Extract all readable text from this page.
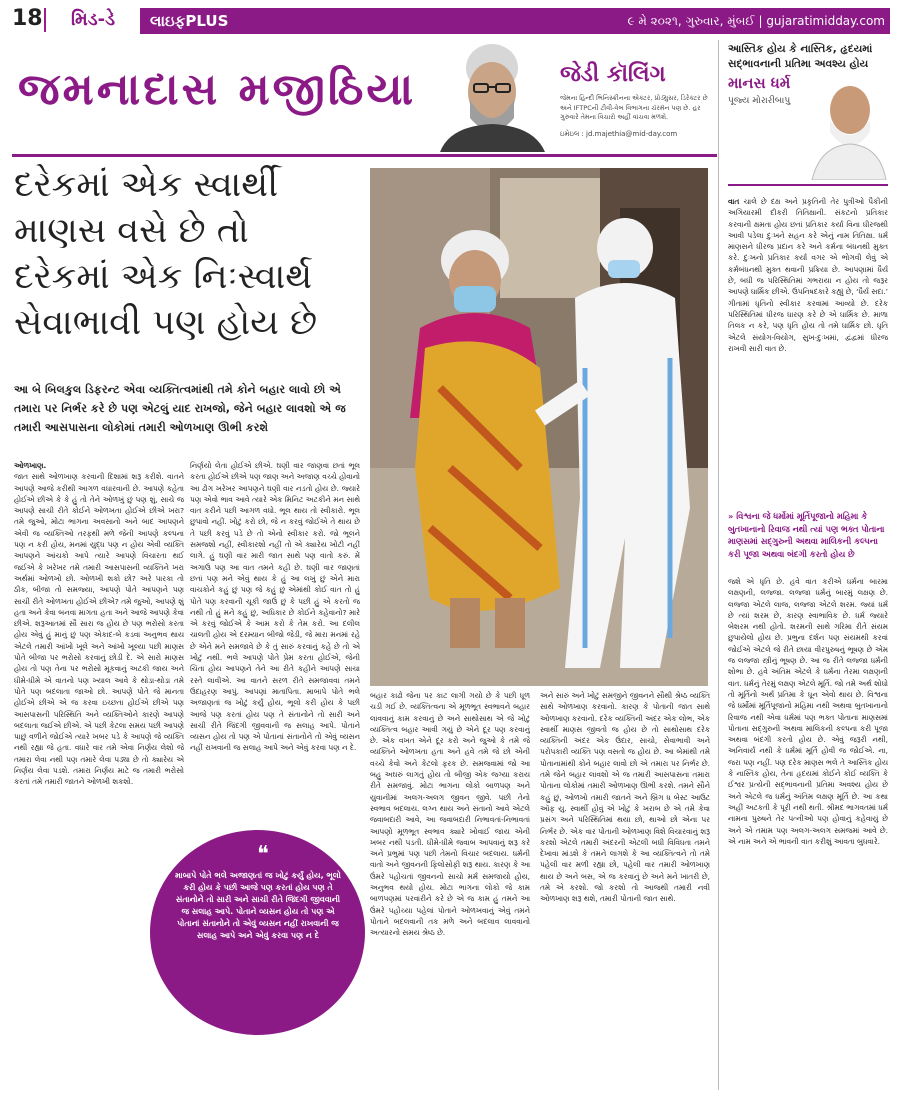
18	મિડ-ડે	લાઇફPLUS	૯ મે ૨૦૨૧, ગુરુવાર, મુંબઈ | gujaratimidday.com
જમનાદાસ મજીઠિયા	જેડી કૉલિંગ
જેમના હિન્દી ભિનિસ્ક્રીનના એક્ટર, પ્રોડ્યુસર, ડિરેક્ટર છે અને IFTPCની ટીવી-વેબ વિભાગના ચૅરમૅન પણ છે. હર ગુરુવારે તેમના વિચારો અહીં વાંચવા મળશે.
ઇમેઇલ : jd.majethia@mid-day.com
દરેકમાં એક સ્વાર્થી
માણસ વસે છે તો
દરેકમાં એક નિઃસ્વાર્થ
સેવાભાવી પણ હોય છે
આ બે બિલકુલ ડિફરન્ટ એવા વ્યક્તિત્વમાંથી તમે કોને બહાર લાવો છો એ તમારા પર નિર્ભર કરે છે પણ એટલું યાદ રાખજો, જેને બહાર લાવશો એ જ તમારી આસપાસના લોકોમાં તમારી ઓળખાણ ઊભી કરશે
ઓળખાણ.
જાત સાથે ઓળખાણ કરવાની દિશામાં શરૂ કરીશે. વાતને આપણે આજે કરીથી આગળ વધારવાની છે. આપણે કહેતા હોઈએ છીએ કે કે હું તો તેને ઓળખું છું પણ શું, સાચે જ આપણે સાચી રીતે કોઈને ઓળખતા હોઈએ છીએ ખરા? તમે જુઓ, મોટા ભાગના અવસાનો અને બાદ આપણને એવી જ વ્યક્તિઓ તરફથી મળે જેની આપણે કલ્પના પણ ન કરી હોય, મનમાં યુદ્ધ પણ ન હોય એવી વ્યક્તિ આપણને આંચકો આપે ત્યારે આપણે વિચારતા થઈ જઈએ કે ખરેખર તમે તમારી આસપાસની વ્યક્તિને ખરા અર્થમાં ઓળખો છો. ઓળખી શકો છો? અરે પારકા તો ઠીક, બીજા તો સમજ્યા, આપણે પોતે આપણને પણ સાચી રીતે ઓળખતા હોઈએ છીએ? તમે જુઓ, આપણે શું હતા અને કેવા બનવા માગતા હતા અને આજે આપણે કેવા છીએ. શરૂઆતમાં સૌ સારા જ હોય છે પણ ભરોસો કરતા હોય એવું હું માનું છું પણ એકાદ-બે કડવા અનુભવ થાય એટલે તમારી આંખો ખૂલે અને આંખો ખૂલ્યા પછી માણસ પોતે બીજા પર ભરોસો કરવાનું છોડી દે. એ સારો માણસ હોય તો પણ તેના પર ભરોસો મૂકવાનું અટકી જાય અને ધીમે-ધીમે એ વાતનો પણ ખ્યાલ આવે કે થોડા-થોડા તમે પોતે પણ બદલાતા જાઓ છો. આપણે પોતે જે માનતા હોઈએ છીએ એ જ કરવા ઇચ્છતા હોઈએ છીએ પણ આસપાસની પરિસ્થિતિ અને વ્યક્તિઓને કારણે આપણે બદલાતા જઈએ છીએ. એ પછી કેટલા સમય પછી આપણે પાછું વળીને જોઈએ ત્યારે ખબર પડે કે આપણે જે વ્યક્તિ નથી રહ્યા જે હતા. વધારે વાર તમે એવા નિર્ણય લેશો જે તમારા લેવા નથી પણ તમારે લેવા પડ્યા છે તો ક્યારેય એ નિર્ણય લેવા પડશે. તમારા નિર્ણય માટે જ તમારી ભરોસો કરતાં તમે તમારી જાતને ઓળખી શકશો.
નિર્ણયો લેતા હોઈએ છીએ. ઘણી વાર જાણવા છતાં ભૂલ કરતા હોઈએ છીએ પણ જાણ અને અજાણ વચ્ચે હોવાનો આ ઢોંગ ખરેખર આપણને ઘણી વાર નડતો હોય છે. જ્યારે પણ એવો ભાવ આવે ત્યારે એક મિનિટ અટકીને મન સાથે વાત કરીને પછી આગળ વધો. ભૂલ થાય તો સ્વીકારો. ભૂલ છુપાવો નહીં. ખોટું કરો છો, જે ન કરવું જોઈએ તે થાય છે તે પછી કરવું પડે છે તો એનો સ્વીકાર કરો. જો ભૂલને સમજશો નહીં, સ્વીકારશો નહીં તો એ ક્યારેય ખોટી નહીં લાગે. હું ઘણી વાર મારી જાત સાથે પણ વાતો કરું. મેં અગાઉ પણ આ વાત તમને કહી છે. ઘણી વાર જાણતાં છતાં પણ મને એવું થાય કે હું આ લખું છું એને મારા વાચકોને કહું છું પણ જે કહું છું એમાંથી કોઈ વાત તો હું પોતે પણ કરવાની ચૂકી જાઉં છું કે પછી હું એ કરતો જ નથી તો હું મને કહું છું, અધિકાર છે કોઈને કહેવાનો? મારે એ કરવું જોઈએ કે આમ કરો કે તેમ કરો. આ દલીલ ચાલતી હોય એ દરમ્યાન બીજો જેડી, જે મારા મનમાં રહે છે એને મને સમજાવે છે કે તું સારું કરવાનું કહે છે તો એ ખોટું નથી. ભલે આપણે પોતે પ્રેમ કરતા હોઈએ, જેની ચિંતા હોય આપણને તેને આ રીતે કહીને આપણે સાચા રસ્તે લાવીએ. આ વાતને સરળ રીતે સમજાવવા તમને ઉદાહરણ આપું. આપણાં માતાપિતા. માબાપે પોતે ભલે અજાણતાં જ ખોટું કર્યું હોય, ભૂલો કરી હોય કે પછી આજે પણ કરતાં હોય પણ તે સંતાનોને તો સારી અને સાચી રીતે જિંદગી જીવવાની જ સલાહ આપે. પોતાને વ્યસન હોય તો પણ એ પોતાનાં સંતાનોને તો એવું વ્યસન નહીં રાખવાની જ સલાહ આપે અને એવું કરવા પણ ન દે.
બહાર કાઢો જેના પર કાટ લાગી ગયો છે કે પછી ધૂળ ચડી ગઈ છે. વ્યક્તિત્વના એ મૂળભૂત સ્વભાવને બહાર લાવવાનું કામ કરવાનું છે અને સાથોસાથ એ જે ખોટું વ્યક્તિત્વ બહાર આવી ગયું છે એને દૂર પણ કરવાનું છે. એક વખત એને દૂર કરો અને જુઓ કે તમે જે વ્યક્તિને ઓળખતા હતા અને હવે તમે જે છો એની વચ્ચે કેવો અને કેટલો ફરક છે. સમજવામાં જો આ બહુ અઘરું લાગતું હોય તો બીજી એક જગ્યા કરાય રીતે સમજાવું. મોટા ભાગના લોકો બાળપણ અને યુવાનીમાં અલગ-અલગ જીવન જીવે. પછી તેનો સ્વભાવ બદલાય. લગ્ન થાય અને સંતાનો આવે એટલે જવાબદારી આવે, આ જવાબદારી નિભાવતાં-નિભાવતાં આપણો મૂળભૂત સ્વભાવ ક્યારે ખોવાઈ જાય એની ખબર નથી પડતી. ધીમે-ધીમે જવાબ આપવાનું શરૂ કરે અને પ્રભુમાં પણ પછી તેમનો વિચાર બદલાય. ધર્મની વાતો અને જીવનની ફિલોસોફી શરૂ થાય. કારણ કે આ ઉંમરે પહોંચતાં જીવનનો સાચો મર્મ સમજાયો હોય, અનુભવ થયો હોય. મોટા ભાગના લોકો જે કામ બાળપણમાં પરવારીને કરે છે એ જ કામ હું તમને આ ઉંમરે પહોંચ્યા પહેલાં પોતાને ઓળખવાનું એવું તમને પોતાને બદલવાની તક મળે અને બદલાવ લાવવાનો અત્યારનો સમય શ્રેષ્ઠ છે.
અને સારું અને ખોટું સમજીને જીવનને સૌથી શ્રેષ્ઠ વ્યક્તિ સાથે ઓળખાણ કરવાનો. કારણ કે પોતાની જાત સાથે ઓળખાણ કરવાનો. દરેક વ્યક્તિની અંદર એક લોભ, એક સ્વાર્થી માણસ જીવતો જ હોય છે તો સાથોસાથ દરેક વ્યક્તિની અંદર એક ઉદાર, સાચો, સેવાભાવી અને પરોપકારી વ્યક્તિ પણ વસતો જ હોય છે. આ બેમાંથી તમે પોતાનામાંથી કોને બહાર લાવો છો એ તમારા પર નિર્ભર છે. તમે જેને બહાર લાવશો એ જ તમારી આસપાસના તમારા પોતાના લોકોમાં તમારી ઓળખાણ ઊભી કરશે. તમને સૌને કહું છું, ઓળખો તમારી જાતને અને બ્રિંગ ધ બેસ્ટ આઉટ ઑફ યુ. સ્વાર્થી હોવું એ ખોટું કે ખરાબ છે એ તમે કેવા પ્રસંગ અને પરિસ્થિતિમાં થયા છો, થાઓ છો એના પર નિર્ભર છે. એક વાર પોતાની ઓળખાણ વિશે વિચારવાનું શરૂ કરશો એટલે તમારી અંદરની એટલી બધી વિવિધતા તમને દેખાવા માંડશે કે તમને લાગશે કે આ વ્યક્તિત્વને તો તમે પહેલી વાર મળી રહ્યા છો, પહેલી વાર તમારી ઓળખાણ થાય છે અને બસ, એ જ કરવાનું છે અને મને ખાતરી છે, તમે એ કરશો. જો કરશો તો આજથી તમારી નવી ઓળખાણ શરૂ થશે, તમારી પોતાની જાત સાથે.
❝
માબાપે પોતે ભલે અજાણતાં જ ખોટું કર્યું હોય, ભૂલો કરી હોય કે પછી આજે પણ કરતાં હોય પણ તે સંતાનોને તો સારી અને સાચી રીતે જિંદગી જીવવાની જ સલાહ આપે. પોતાને વ્યસન હોય તો પણ એ પોતાનાં સંતાનોને તો એવું વ્યસન નહીં રાખવાની જ સલાહ આપે અને એવું કરવા પણ ન દે
આસ્તિક હોય કે નાસ્તિક, હૃદયમાં સદ્ભાવનાની પ્રતિમા અવશ્ય હોય
માનસ ધર્મ
પૂજ્ય મોરારીબાપુ
વાત ચાલે છે દક્ષ અને પ્રકૃતિની તેર પુત્રીઓ પૈકીની અગિયારમી દીકરી તિતિક્ષાની. સંકટનો પ્રતિકાર કરવાની ક્ષમતા હોય છતાં પ્રતિકાર કર્યા વિના ધીરજથી આવી પડેલા દુઃખને સહન કરે એનું નામ તિતિક્ષા. ધર્મ માણસને ધીરજ પ્રદાન કરે અને કર્મના બંધનથી મુક્ત કરે. દુઃખનો પ્રતિકાર કર્યા વગર એ ભોગવી લેવું એ કર્મબંધનથી મુક્ત થવાની પ્રક્રિયા છે. આપણામાં ધૈર્ય છે, બધી જ પરિસ્થિતિમાં ગભરાયા ન હોય તો જરૂર આપણે ધાર્મિક છીએ. ઉપનિષદકારે કહ્યું છે, ‘ધૈર્ય સદા.’ ગીતામાં ધૃતિનો સ્વીકાર કરવામાં આવ્યો છે. દરેક પરિસ્થિતિમાં ધીરજ ધારણ કરે છે એ ધાર્મિક છે. માળા તિલક ન કરે, પણ ધૃતિ હોય તો તમે ધાર્મિક છો. ધૃતિ એટલે સંયોગ-વિયોગ, સુખ-દુઃખમાં, દ્વંદ્વમાં ધીરજ રાખવી સારી વાત છે.
» વિશ્વના જે ધર્મોમાં મૂર્તિપૂજાનો મહિમા કે બુતખાનાનો રિવાજ નથી ત્યાં પણ ભક્ત પોતાના માણસમાં સદ્ગુરુની અથવા માલિકની કલ્પના કરી પૂજા અથવા બંદગી કરતો હોય છે
જશે એ ધૃતિ છે. હવે વાત કરીએ ધર્મના બારમા લક્ષણની, લજ્જા. લજ્જા ધર્મનું બારમું લક્ષણ છે. લજ્જા એટલે લાજ, લજ્જા એટલે શરમ. જ્યાં ધર્મ છે ત્યાં શરમ છે, કારણ સ્વાભાવિક છે. ધર્મ જ્યારે બેશરમ નથી હોતો. શરમની સાથે ગરિમા રીતે સંયમ છુપાયેલો હોય છે. પ્રભુના દર્શન પણ સંયમથી કરવાં જોઈએ એટલે જે રીતે છાયા વીરપુરુષનું ભૂષણ છે એમ જ લજ્જા સ્ત્રીનું ભૂષણ છે. આ જ રીતે લજ્જા ધર્મની શોભા છે. હવે અંતિમ એટલે કે ધર્મના તેરમા લક્ષણની વાત. ધર્મનું તેરમું લક્ષણ એટલે મૂર્તિ. જો તમે અર્થ શોધો તો મૂર્તિનો અર્થ પ્રતિમા કે ધૂન એવો થાય છે. વિશ્વના જે ધર્મોમાં મૂર્તિપૂજાનો મહિમા નથી અથવા બુતખાનાનો રિવાજ નથી એવા ધર્મમાં પણ ભક્ત પોતાના માણસમાં પોતાના સદ્ગુરુની અથવા માલિકની કલ્પના કરી પૂજા અથવા બંદગી કરતો હોય છે. એવું જરૂરી નથી, અનિવાર્ય નથી કે ધર્મમાં મૂર્તિ હોવી જ જોઈએ. ના, જરા પણ નહીં. પણ દરેક માણસ ભલે તે આસ્તિક હોય કે નાસ્તિક હોય, તેના હૃદયમાં કોઈને કોઈ વ્યક્તિ કે ઈશ્વર પ્રત્યેની સદ્ભાવનાની પ્રતિમા અવશ્ય હોય છે અને એટલે જ ધર્મનું અંતિમ લક્ષણ મૂર્તિ છે. આ કથા અહીં અટકતી કે પૂરી નથી થતી. શ્રીમદ ભાગવતમાં ધર્મ નામના પુરુષને તેર પત્નીઓ પણ હોવાનું કહેવાયું છે અને એ તમામ પણ અલગ-અલગ સમજમાં આવે છે. એ નામ અને એ ભાવની વાત કરીશું આવતા બુધવારે.
